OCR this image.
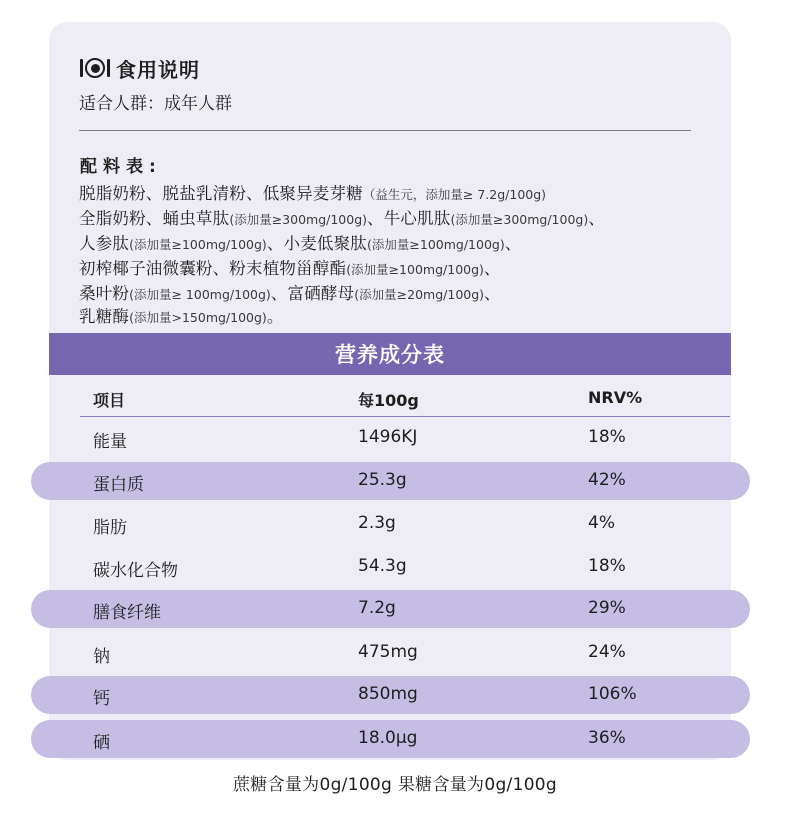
食用说明
适合人群：成年人群
配料表:
脱脂奶粉、脱盐乳清粉、低聚异麦芽糖（益生元，添加量≥ 7.2g/100g)
全脂奶粉、蛹虫草肽(添加量≥300mg/100g)、牛心肌肽(添加量≥300mg/100g)、
人参肽(添加量≥100mg/100g)、小麦低聚肽(添加量≥100mg/100g)、
初榨椰子油微囊粉、粉末植物甾醇酯(添加量≥100mg/100g)、
桑叶粉(添加量≥ 100mg/100g)、富硒酵母(添加量≥20mg/100g)、
乳糖酶(添加量>150mg/100g)。
营养成分表
项目	每100g	NRV%
能量	1496KJ	18%
蛋白质	25.3g	42%
脂肪	2.3g	4%
碳水化合物	54.3g	18%
膳食纤维	7.2g	29%
钠	475mg	24%
钙	850mg	106%
硒	18.0μg	36%
蔗糖含量为0g/100g 果糖含量为0g/100g
